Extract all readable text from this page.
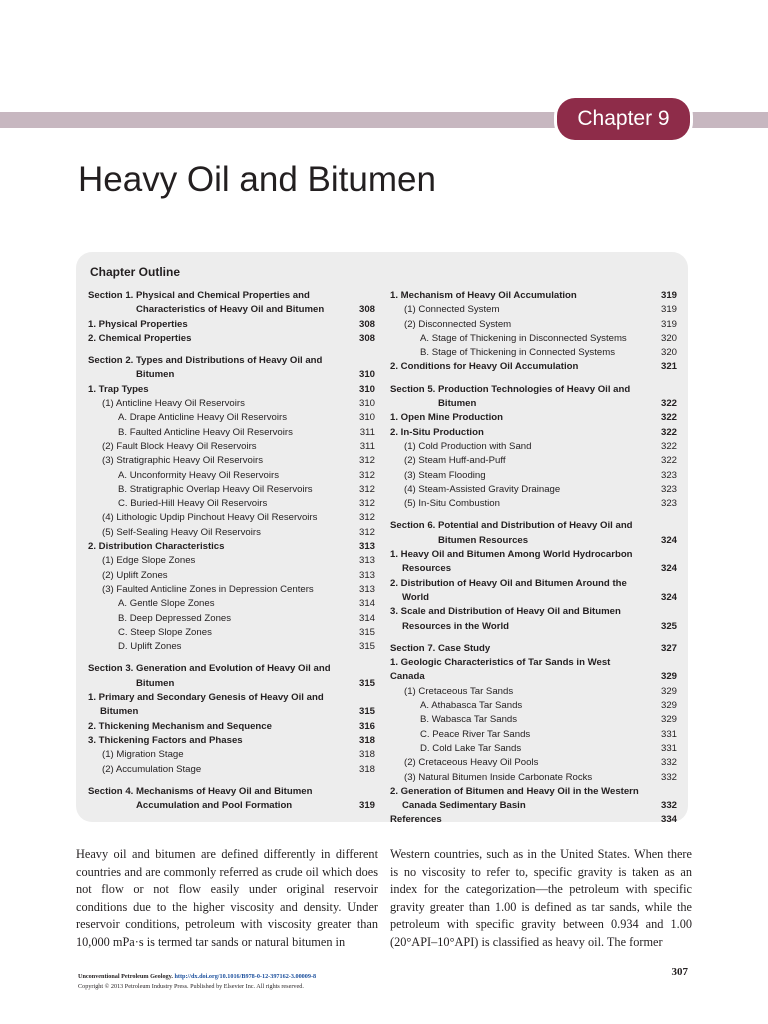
Chapter 9
Heavy Oil and Bitumen
Chapter Outline
Section 1. Physical and Chemical Properties and
Characteristics of Heavy Oil and Bitumen	308
1. Physical Properties	308
2. Chemical Properties	308
Section 2. Types and Distributions of Heavy Oil and
Bitumen	310
1. Trap Types	310
(1) Anticline Heavy Oil Reservoirs	310
A. Drape Anticline Heavy Oil Reservoirs	310
B. Faulted Anticline Heavy Oil Reservoirs	311
(2) Fault Block Heavy Oil Reservoirs	311
(3) Stratigraphic Heavy Oil Reservoirs	312
A. Unconformity Heavy Oil Reservoirs	312
B. Stratigraphic Overlap Heavy Oil Reservoirs	312
C. Buried-Hill Heavy Oil Reservoirs	312
(4) Lithologic Updip Pinchout Heavy Oil Reservoirs	312
(5) Self-Sealing Heavy Oil Reservoirs	312
2. Distribution Characteristics	313
(1) Edge Slope Zones	313
(2) Uplift Zones	313
(3) Faulted Anticline Zones in Depression Centers	313
A. Gentle Slope Zones	314
B. Deep Depressed Zones	314
C. Steep Slope Zones	315
D. Uplift Zones	315
Section 3. Generation and Evolution of Heavy Oil and
Bitumen	315
1. Primary and Secondary Genesis of Heavy Oil and
Bitumen	315
2. Thickening Mechanism and Sequence	316
3. Thickening Factors and Phases	318
(1) Migration Stage	318
(2) Accumulation Stage	318
Section 4. Mechanisms of Heavy Oil and Bitumen
Accumulation and Pool Formation	319
1. Mechanism of Heavy Oil Accumulation	319
(1) Connected System	319
(2) Disconnected System	319
A. Stage of Thickening in Disconnected Systems	320
B. Stage of Thickening in Connected Systems	320
2. Conditions for Heavy Oil Accumulation	321
Section 5. Production Technologies of Heavy Oil and
Bitumen	322
1. Open Mine Production	322
2. In-Situ Production	322
(1) Cold Production with Sand	322
(2) Steam Huff-and-Puff	322
(3) Steam Flooding	323
(4) Steam-Assisted Gravity Drainage	323
(5) In-Situ Combustion	323
Section 6. Potential and Distribution of Heavy Oil and
Bitumen Resources	324
1. Heavy Oil and Bitumen Among World Hydrocarbon
Resources	324
2. Distribution of Heavy Oil and Bitumen Around the
World	324
3. Scale and Distribution of Heavy Oil and Bitumen
Resources in the World	325
Section 7. Case Study	327
1. Geologic Characteristics of Tar Sands in West Canada	329
(1) Cretaceous Tar Sands	329
A. Athabasca Tar Sands	329
B. Wabasca Tar Sands	329
C. Peace River Tar Sands	331
D. Cold Lake Tar Sands	331
(2) Cretaceous Heavy Oil Pools	332
(3) Natural Bitumen Inside Carbonate Rocks	332
2. Generation of Bitumen and Heavy Oil in the Western
Canada Sedimentary Basin	332
References	334

Heavy oil and bitumen are defined differently in different countries and are commonly referred as crude oil which does not flow or not flow easily under original reservoir conditions due to the higher viscosity and density. Under reservoir conditions, petroleum with viscosity greater than 10,000 mPa·s is termed tar sands or natural bitumen in

Western countries, such as in the United States. When there is no viscosity to refer to, specific gravity is taken as an index for the categorization—the petroleum with specific gravity greater than 1.00 is defined as tar sands, while the petroleum with specific gravity between 0.934 and 1.00 (20°API–10°API) is classified as heavy oil. The former

Unconventional Petroleum Geology. http://dx.doi.org/10.1016/B978-0-12-397162-3.00009-8
Copyright © 2013 Petroleum Industry Press. Published by Elsevier Inc. All rights reserved.
307
